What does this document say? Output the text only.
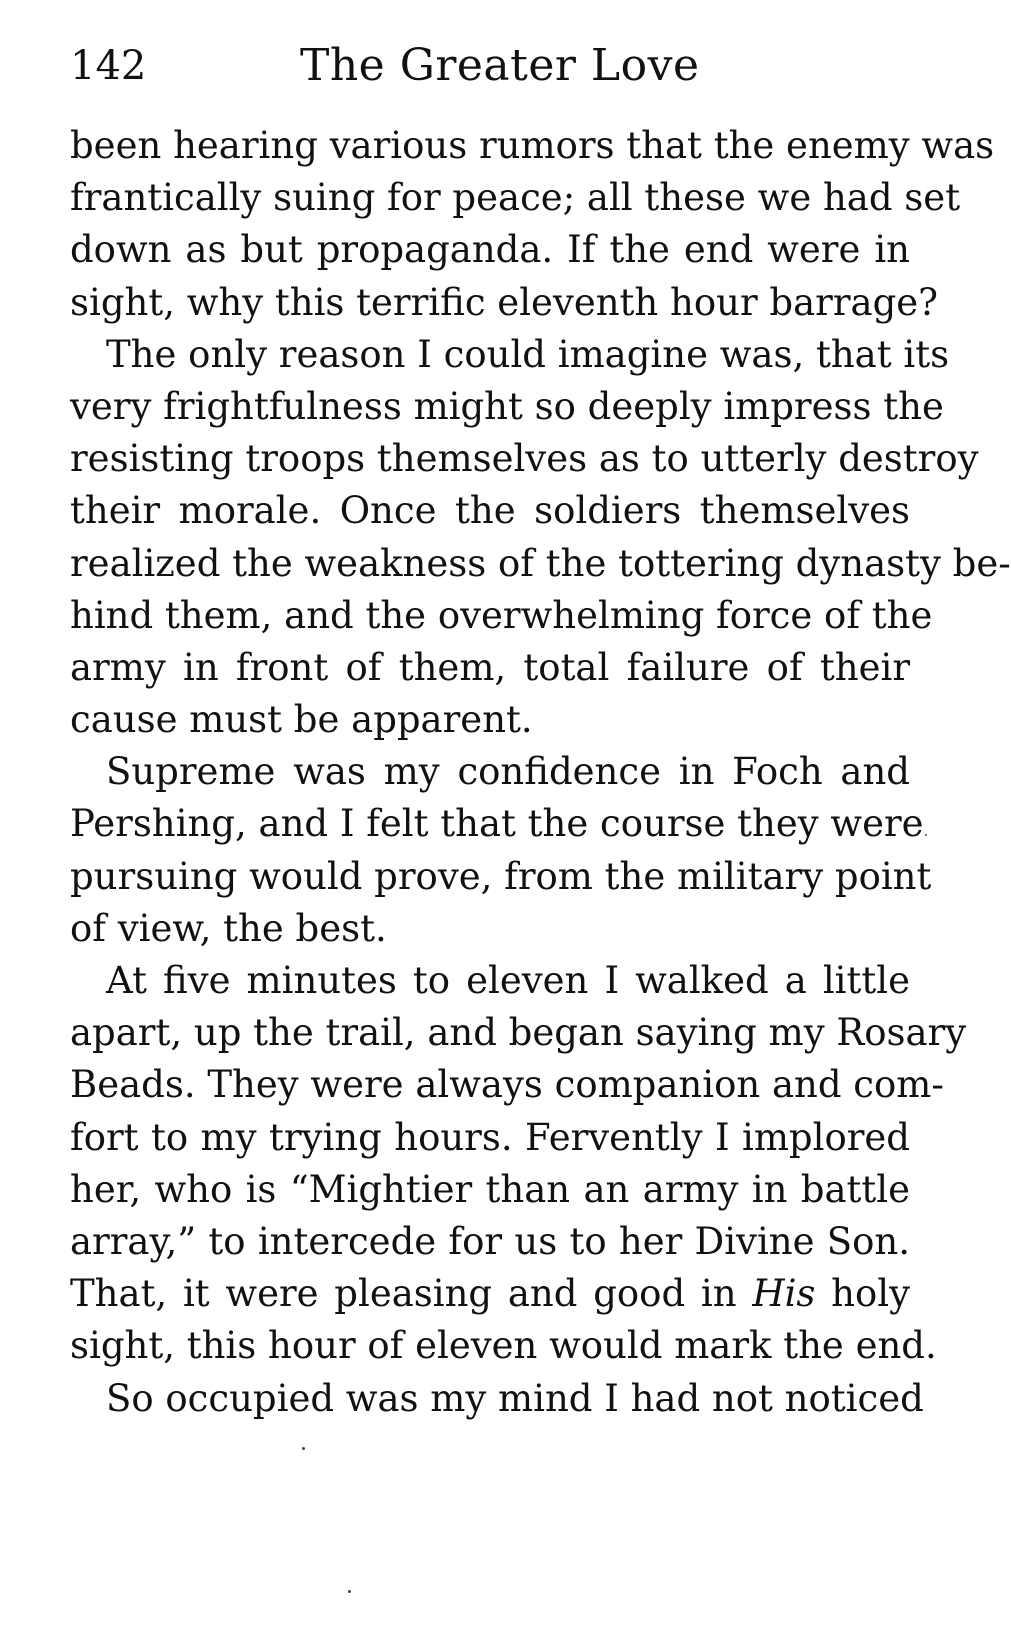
142	The Greater Love
been hearing various rumors that the enemy was
frantically suing for peace; all these we had set
down as but propaganda. If the end were in
sight, why this terrific eleventh hour barrage?
The only reason I could imagine was, that its
very frightfulness might so deeply impress the
resisting troops themselves as to utterly destroy
their morale. Once the soldiers themselves
realized the weakness of the tottering dynasty be-
hind them, and the overwhelming force of the
army in front of them, total failure of their
cause must be apparent.
Supreme was my confidence in Foch and
Pershing, and I felt that the course they were
pursuing would prove, from the military point
of view, the best.
At five minutes to eleven I walked a little
apart, up the trail, and began saying my Rosary
Beads. They were always companion and com-
fort to my trying hours. Fervently I implored
her, who is “Mightier than an army in battle
array,” to intercede for us to her Divine Son.
That, it were pleasing and good in His holy
sight, this hour of eleven would mark the end.
So occupied was my mind I had not noticed
